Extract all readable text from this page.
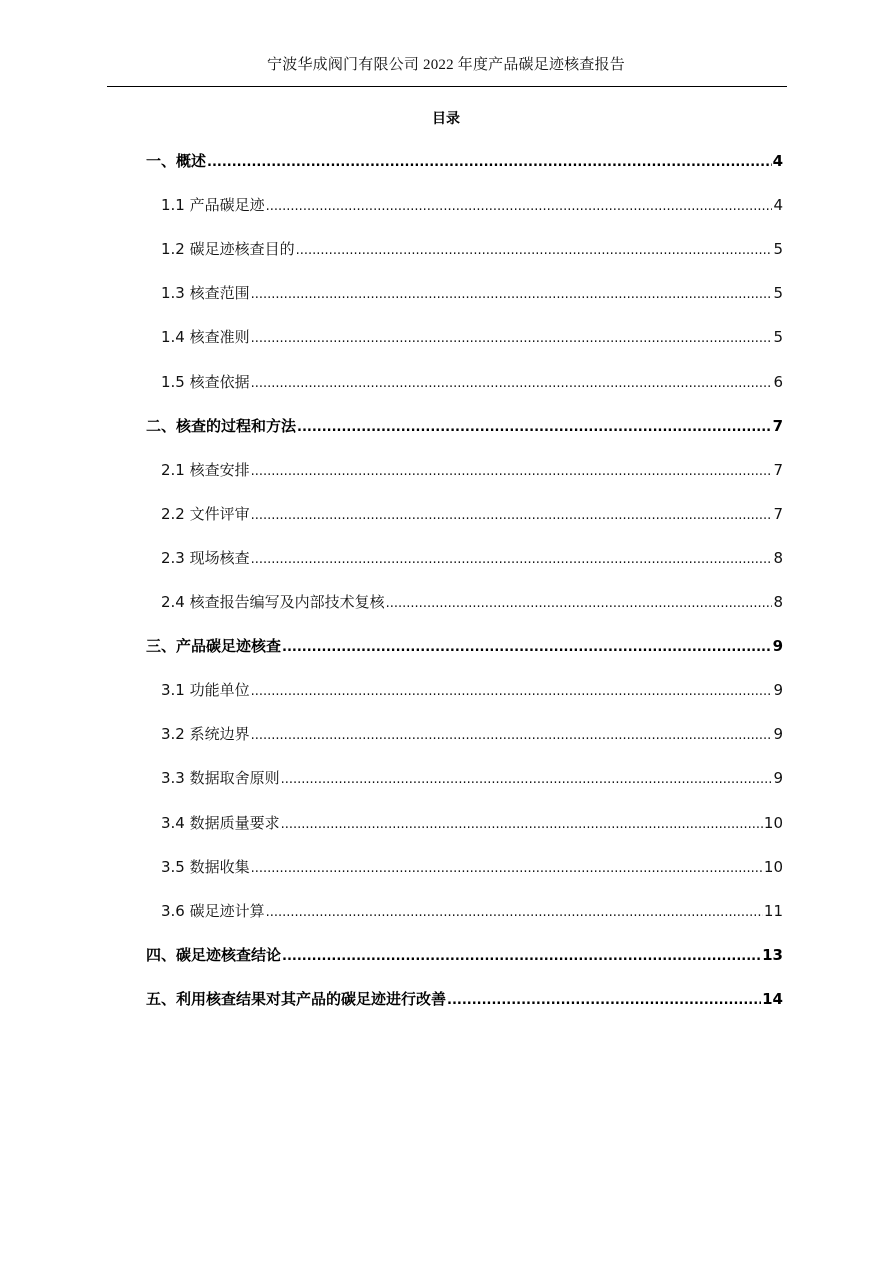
宁波华成阀门有限公司 2022 年度产品碳足迹核查报告
目录
一、概述 .....	4
1.1 产品碳足迹 .....	4
1.2 碳足迹核查目的 .....	5
1.3 核查范围 .....	5
1.4 核查准则 .....	5
1.5 核查依据 .....	6
二、核查的过程和方法 .....	7
2.1 核查安排 .....	7
2.2 文件评审 .....	7
2.3 现场核查 .....	8
2.4 核查报告编写及内部技术复核 .....	8
三、产品碳足迹核查 .....	9
3.1 功能单位 .....	9
3.2 系统边界 .....	9
3.3 数据取舍原则 .....	9
3.4 数据质量要求 .....	10
3.5 数据收集 .....	10
3.6 碳足迹计算 .....	11
四、碳足迹核查结论 .....	13
五、利用核查结果对其产品的碳足迹进行改善 .....	14
